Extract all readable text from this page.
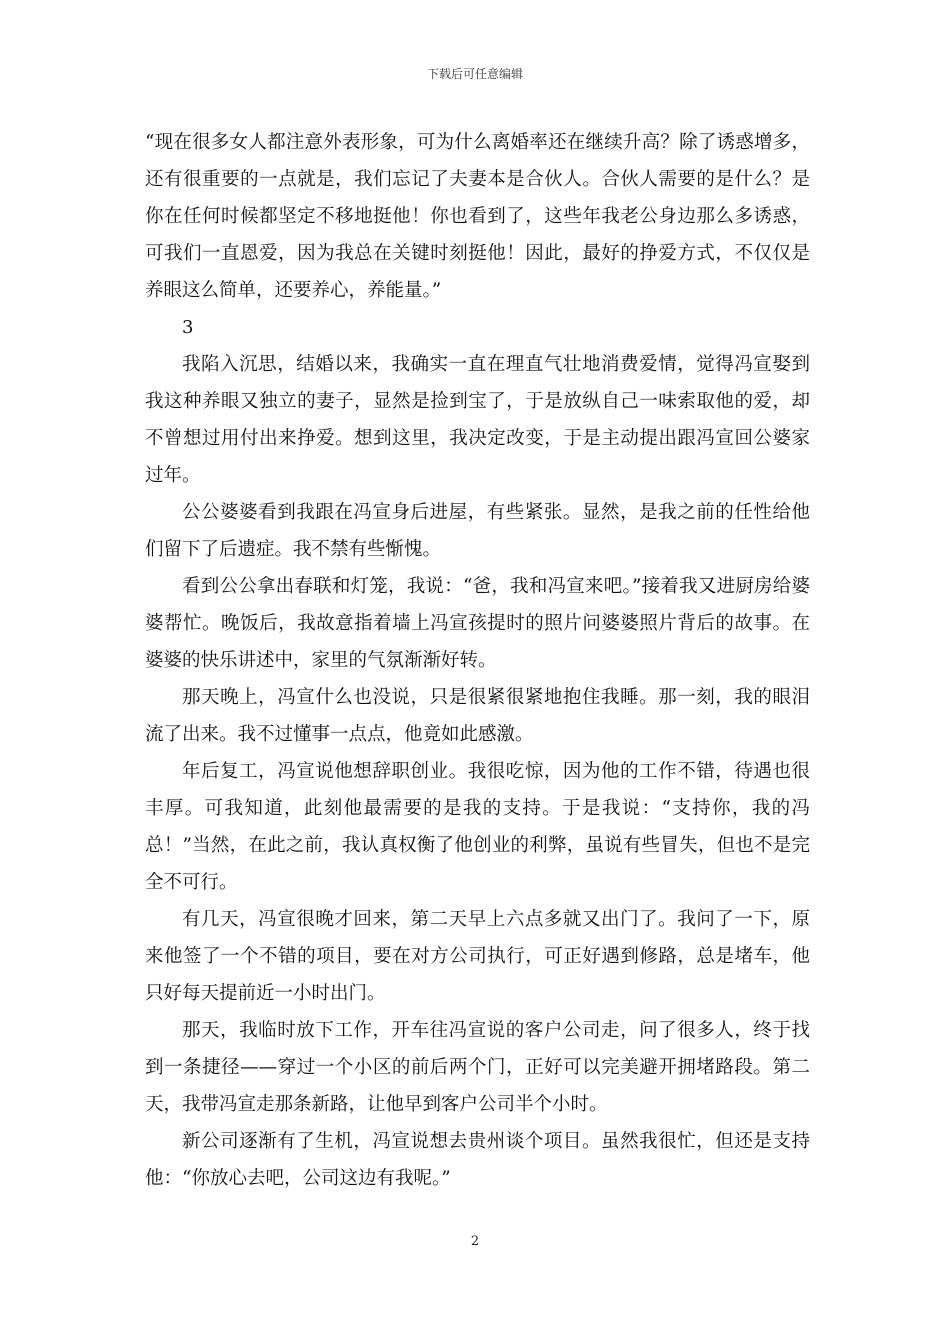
下载后可任意编辑

“现在很多女人都注意外表形象，可为什么离婚率还在继续升高？除了诱惑增多，还有很重要的一点就是，我们忘记了夫妻本是合伙人。合伙人需要的是什么？是你在任何时候都坚定不移地挺他！你也看到了，这些年我老公身边那么多诱惑，可我们一直恩爱，因为我总在关键时刻挺他！因此，最好的挣爱方式，不仅仅是养眼这么简单，还要养心，养能量。”

3

我陷入沉思，结婚以来，我确实一直在理直气壮地消费爱情，觉得冯宣娶到我这种养眼又独立的妻子，显然是捡到宝了，于是放纵自己一味索取他的爱，却不曾想过用付出来挣爱。想到这里，我决定改变，于是主动提出跟冯宣回公婆家过年。

公公婆婆看到我跟在冯宣身后进屋，有些紧张。显然，是我之前的任性给他们留下了后遗症。我不禁有些惭愧。

看到公公拿出春联和灯笼，我说：“爸，我和冯宣来吧。”接着我又进厨房给婆婆帮忙。晚饭后，我故意指着墙上冯宣孩提时的照片问婆婆照片背后的故事。在婆婆的快乐讲述中，家里的气氛渐渐好转。

那天晚上，冯宣什么也没说，只是很紧很紧地抱住我睡。那一刻，我的眼泪流了出来。我不过懂事一点点，他竟如此感激。

年后复工，冯宣说他想辞职创业。我很吃惊，因为他的工作不错，待遇也很丰厚。可我知道，此刻他最需要的是我的支持。于是我说：“支持你，我的冯总！”当然，在此之前，我认真权衡了他创业的利弊，虽说有些冒失，但也不是完全不可行。

有几天，冯宣很晚才回来，第二天早上六点多就又出门了。我问了一下，原来他签了一个不错的项目，要在对方公司执行，可正好遇到修路，总是堵车，他只好每天提前近一小时出门。

那天，我临时放下工作，开车往冯宣说的客户公司走，问了很多人，终于找到一条捷径——穿过一个小区的前后两个门，正好可以完美避开拥堵路段。第二天，我带冯宣走那条新路，让他早到客户公司半个小时。

新公司逐渐有了生机，冯宣说想去贵州谈个项目。虽然我很忙，但还是支持他：“你放心去吧，公司这边有我呢。”

2
